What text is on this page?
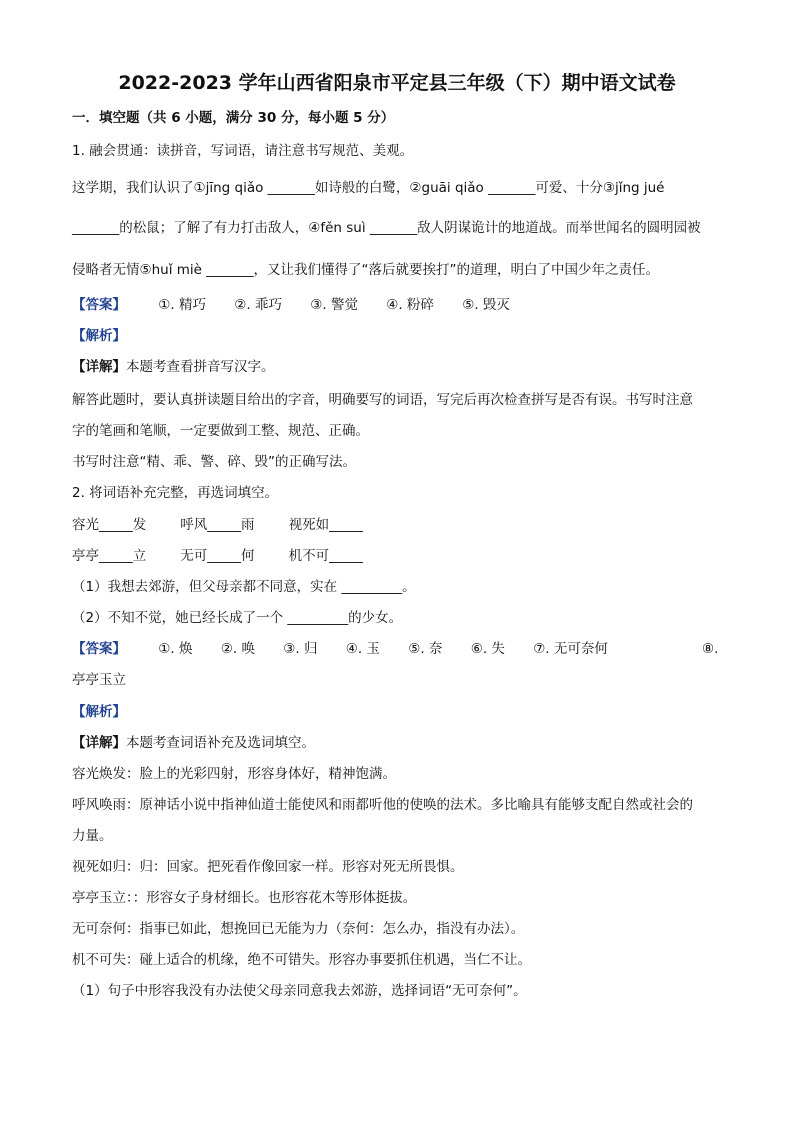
2022-2023 学年山西省阳泉市平定县三年级（下）期中语文试卷
一．填空题（共 6 小题，满分 30 分，每小题 5 分）
1. 融会贯通：读拼音，写词语，请注意书写规范、美观。
这学期，我们认识了①jīng qiǎo _______如诗般的白鹭，②guāi qiǎo _______可爱、十分③jǐng jué
_______的松鼠；了解了有力打击敌人，④fěn suì _______敌人阴谋诡计的地道战。而举世闻名的圆明园被
侵略者无情⑤huǐ miè _______，又让我们懂得了“落后就要挨打”的道理，明白了中国少年之责任。
【答案】 ①. 精巧 ②. 乖巧 ③. 警觉 ④. 粉碎 ⑤. 毁灭
【解析】
【详解】本题考查看拼音写汉字。
解答此题时，要认真拼读题目给出的字音，明确要写的词语，写完后再次检查拼写是否有误。书写时注意
字的笔画和笔顺，一定要做到工整、规范、正确。
书写时注意“精、乖、警、碎、毁”的正确写法。
2. 将词语补充完整，再选词填空。
容光_____发	呼风_____雨	视死如_____
亭亭_____立	无可_____何	机不可_____
（1）我想去郊游，但父母亲都不同意，实在 _________。
（2）不知不觉，她已经长成了一个 _________的少女。
【答案】 ①. 焕 ②. 唤 ③. 归 ④. 玉 ⑤. 奈 ⑥. 失 ⑦. 无可奈何	⑧.
亭亭玉立
【解析】
【详解】本题考查词语补充及选词填空。
容光焕发：脸上的光彩四射，形容身体好，精神饱满。
呼风唤雨：原神话小说中指神仙道士能使风和雨都听他的使唤的法术。多比喻具有能够支配自然或社会的
力量。
视死如归：归：回家。把死看作像回家一样。形容对死无所畏惧。
亭亭玉立：：形容女子身材细长。也形容花木等形体挺拔。
无可奈何：指事已如此，想挽回已无能为力（奈何：怎么办，指没有办法）。
机不可失：碰上适合的机缘，绝不可错失。形容办事要抓住机遇，当仁不让。
（1）句子中形容我没有办法使父母亲同意我去郊游，选择词语“无可奈何”。
